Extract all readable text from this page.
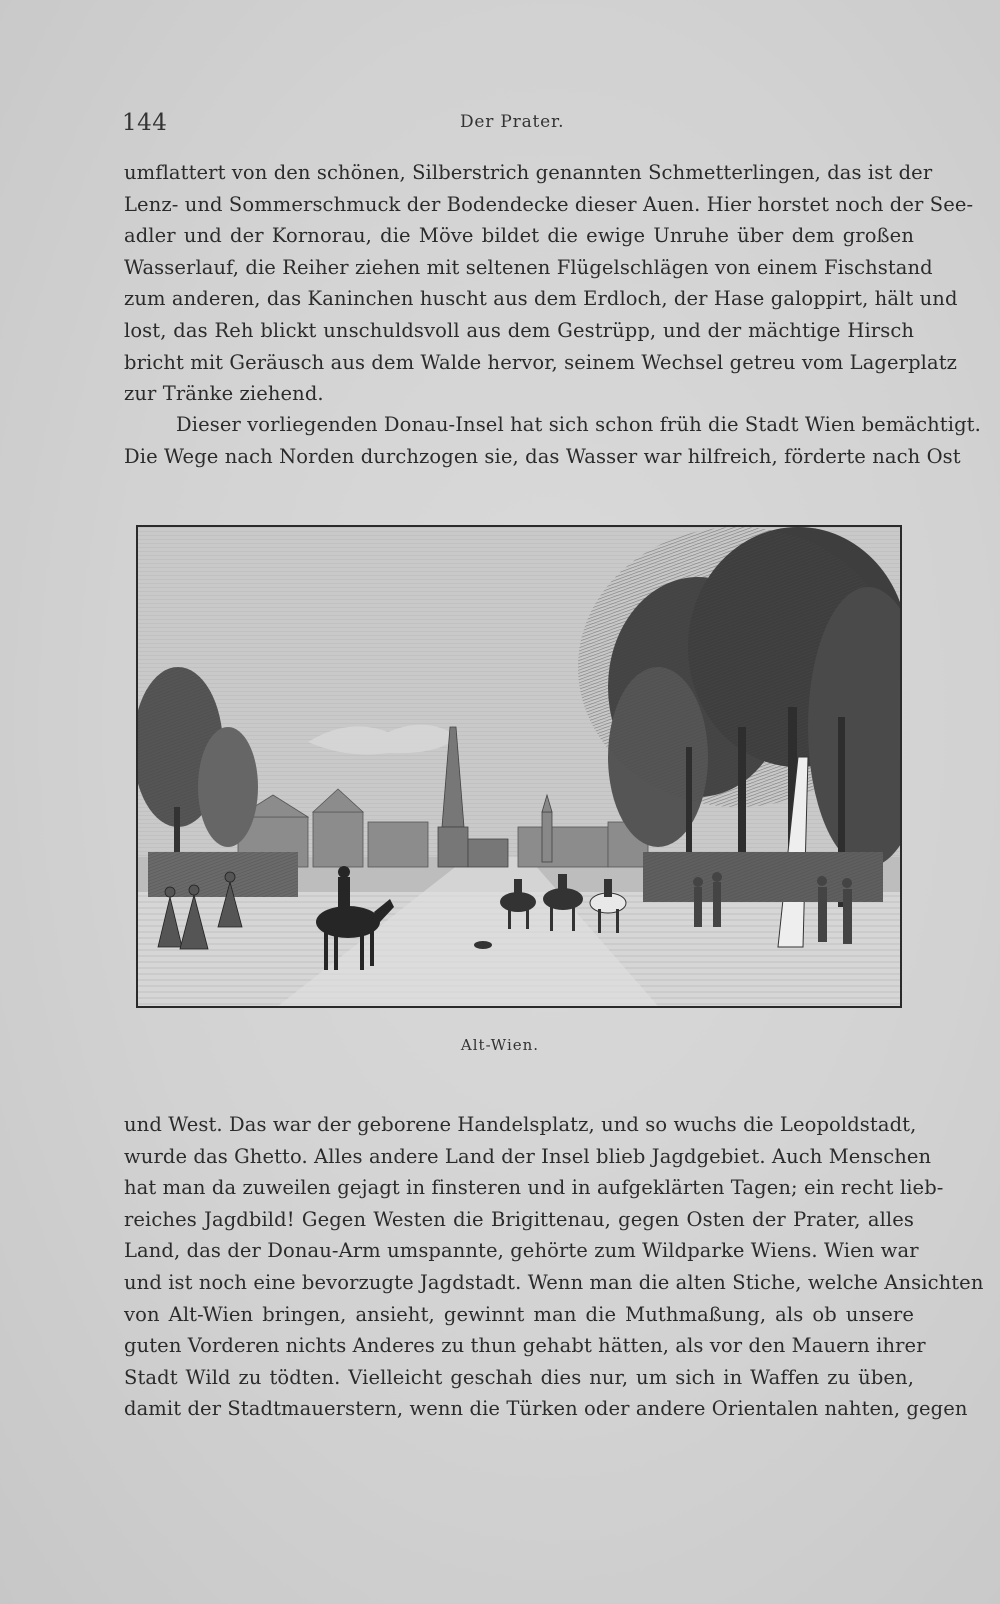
144	Der Prater.

umflattert von den schönen, Silberstrich genannten Schmetterlingen, das ist der
Lenz- und Sommerschmuck der Bodendecke dieser Auen. Hier horstet noch der See-
adler und der Kornorau, die Möve bildet die ewige Unruhe über dem großen
Wasserlauf, die Reiher ziehen mit seltenen Flügelschlägen von einem Fischstand
zum anderen, das Kaninchen huscht aus dem Erdloch, der Hase galoppirt, hält und
lost, das Reh blickt unschuldsvoll aus dem Gestrüpp, und der mächtige Hirsch
bricht mit Geräusch aus dem Walde hervor, seinem Wechsel getreu vom Lagerplatz
zur Tränke ziehend.

Dieser vorliegenden Donau-Insel hat sich schon früh die Stadt Wien bemächtigt.
Die Wege nach Norden durchzogen sie, das Wasser war hilfreich, förderte nach Ost

Alt-Wien.

und West. Das war der geborene Handelsplatz, und so wuchs die Leopoldstadt,
wurde das Ghetto. Alles andere Land der Insel blieb Jagdgebiet. Auch Menschen
hat man da zuweilen gejagt in finsteren und in aufgeklärten Tagen; ein recht lieb-
reiches Jagdbild! Gegen Westen die Brigittenau, gegen Osten der Prater, alles
Land, das der Donau-Arm umspannte, gehörte zum Wildparke Wiens. Wien war
und ist noch eine bevorzugte Jagdstadt. Wenn man die alten Stiche, welche Ansichten
von Alt-Wien bringen, ansieht, gewinnt man die Muthmaßung, als ob unsere
guten Vorderen nichts Anderes zu thun gehabt hätten, als vor den Mauern ihrer
Stadt Wild zu tödten. Vielleicht geschah dies nur, um sich in Waffen zu üben,
damit der Stadtmauerstern, wenn die Türken oder andere Orientalen nahten, gegen
